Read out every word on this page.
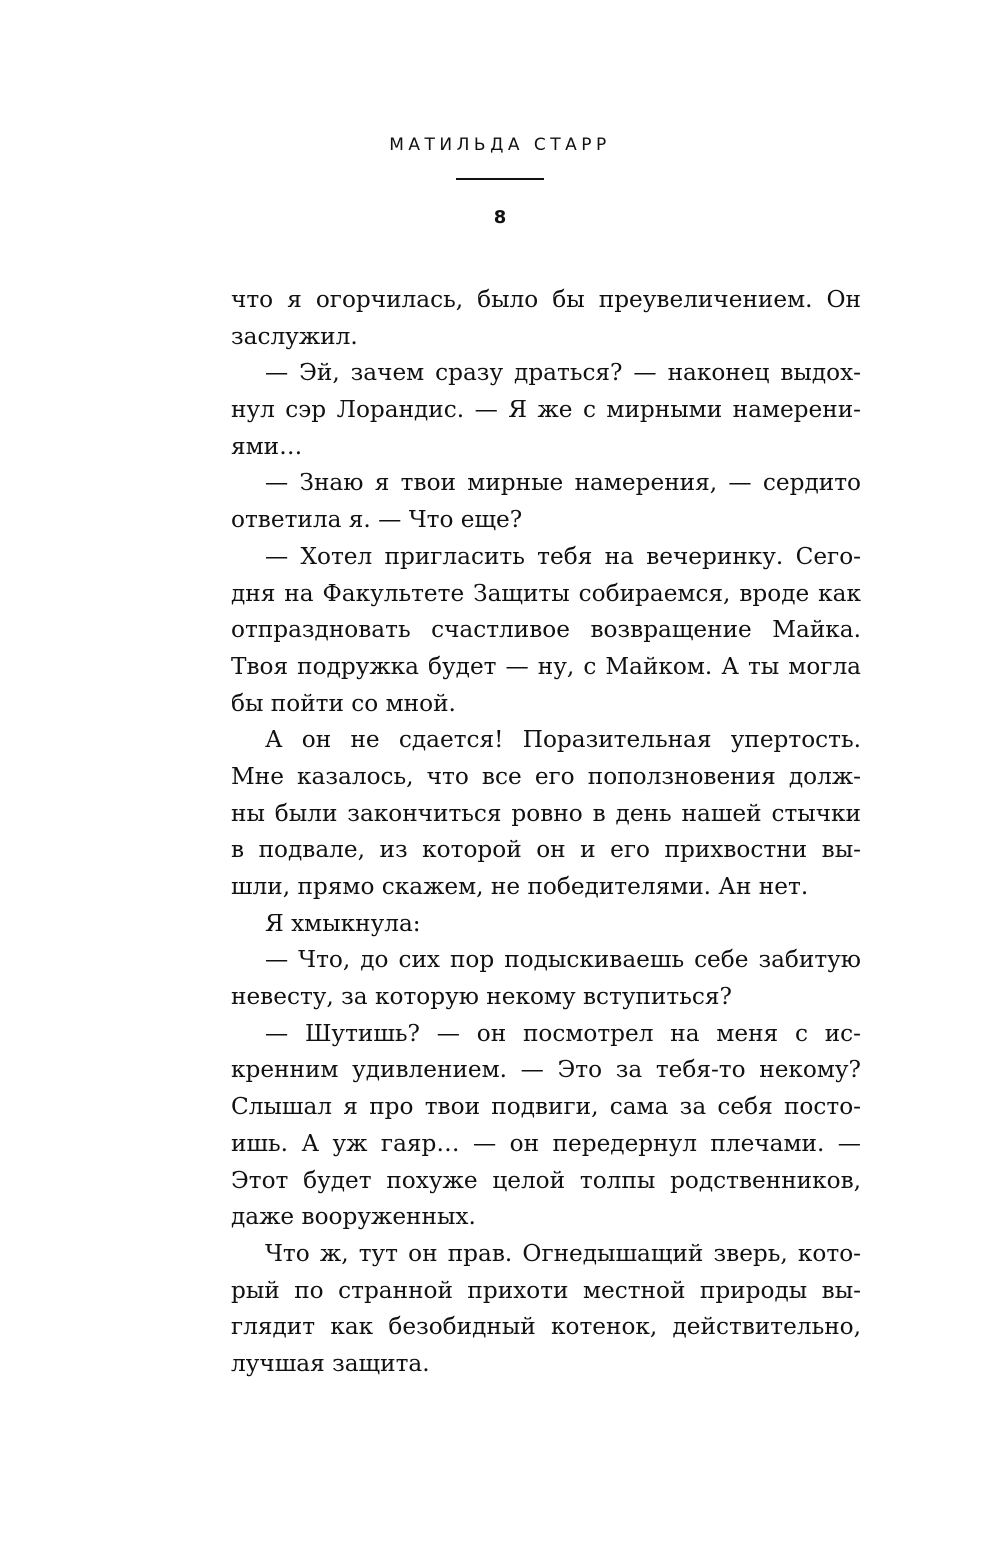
МАТИЛЬДА СТАРР
8
что я огорчилась, было бы преувеличением. Он
заслужил.
— Эй, зачем сразу драться? — наконец выдох-
нул сэр Лорандис. — Я же с мирными намерени-
ями…
— Знаю я твои мирные намерения, — сердито
ответила я. — Что еще?
— Хотел пригласить тебя на вечеринку. Сего-
дня на Факультете Защиты собираемся, вроде как
отпраздновать счастливое возвращение Майка.
Твоя подружка будет — ну, с Майком. А ты могла
бы пойти со мной.
А он не сдается! Поразительная упертость.
Мне казалось, что все его поползновения долж-
ны были закончиться ровно в день нашей стычки
в подвале, из которой он и его прихвостни вы-
шли, прямо скажем, не победителями. Ан нет.
Я хмыкнула:
— Что, до сих пор подыскиваешь себе забитую
невесту, за которую некому вступиться?
— Шутишь? — он посмотрел на меня с ис-
кренним удивлением. — Это за тебя-то некому?
Слышал я про твои подвиги, сама за себя посто-
ишь. А уж гаяр… — он передернул плечами. —
Этот будет похуже целой толпы родственников,
даже вооруженных.
Что ж, тут он прав. Огнедышащий зверь, кото-
рый по странной прихоти местной природы вы-
глядит как безобидный котенок, действительно,
лучшая защита.
